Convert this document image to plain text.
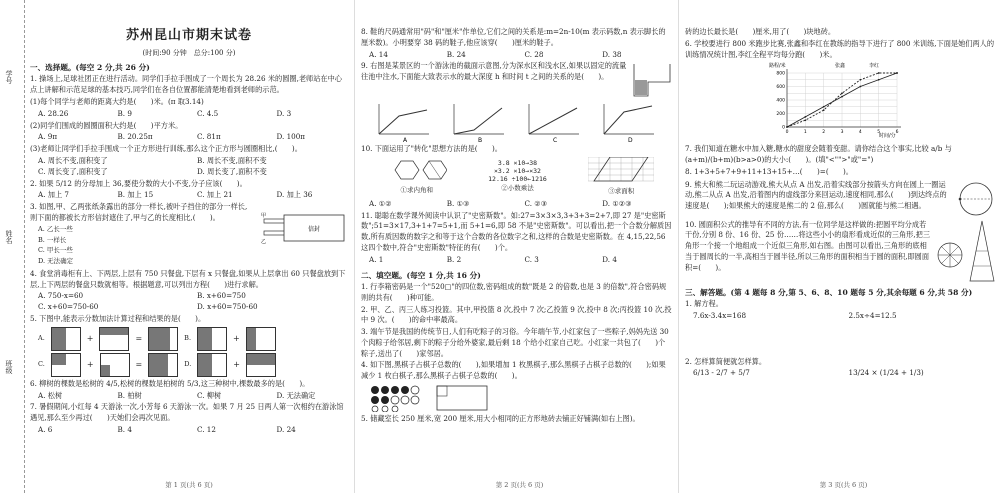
学号
姓名
班级
苏州昆山市期末试卷
(时间:90 分钟　总分:100 分)
一、选择题。(每空 2 分,共 26 分)
1. 操场上,足球社团正在进行活动。同学们手拉手围成了一个周长为 28.26 米的圆圈,老师站在中心点上讲解和示范足球的基本技巧,同学们在各自位置都能清楚地看到老师的示范。
(1)每个同学与老师的距离大约是(　　)米。(π 取3.14)
A. 28.26	B. 9	C. 4.5	D. 3
(2)同学们围成的圆圈面积大约是(　　)平方米。
A. 9π	B. 20.25π	C. 81π	D. 100π
(3)老师让同学们手拉手围成一个正方形进行训练,那么这个正方形与圆圈相比,(　　)。
A. 周长不变,面积变了	B. 周长不变,面积不变
C. 周长变了,面积变了	D. 周长变了,面积不变
2. 如果 5/12 的分母加上 36,要使分数的大小不变,分子应该(　　)。
A. 加上 7	B. 加上 15	C. 加上 21	D. 加上 36
3. 如图,甲、乙两张纸条露出的部分一样长,被叶子挡住的部分一样长,则下面的都被长方形信封遮住了,甲与乙的长度相比,(　　)。
A. 乙长一些
B. 一样长
C. 甲长一些
D. 无法确定
甲
乙
信封
4. 食堂消毒柜有上、下两层,上层有 750 只餐盘,下层有 x 只餐盘,如果从上层拿出 60 只餐盘放到下层,上下两层的餐盘只数就相等。根据题意,可以列出方程(　　)进行求解。
A. 750-x=60	B. x+60=750
C. x+60=750-60	D. x+60=750-60
5. 下图中,能表示分数加法计算过程和结果的是(　　)。
A.	+	=	B.	+
C.	+	=	D.	+
6. 柳树的棵数是松树的 4/5,松树的棵数是柏树的 5/3,这三种树中,棵数最多的是(　　)。
A. 松树	B. 柏树	C. 柳树	D. 无法确定
7. 暑假期间,小红每 4 天游泳一次,小芳每 6 天游泳一次。如果 7 月 25 日两人第一次相约在游泳馆遇见,那么至少再过(　　)天她们会再次见面。
A. 6	B. 4	C. 12	D. 24
第 1 页(共 6 页)
8. 鞋的尺码通常用"码"和"厘米"作单位,它们之间的关系是:m=2n-10(m 表示码数,n 表示脚长的厘米数)。小明要穿 38 码的鞋子,他应该穿(　　)厘米的鞋子。
A. 14	B. 24	C. 28	D. 38
9. 右图是某景区的一个游泳池的截面示意图,分为深水区和浅水区,如果以固定的流量往池中注水,下面能大致表示水的最大深度 h 和时间 t 之间的关系的是(　　)。
A	B	C	D
10. 下面运用了"转化"思想方法的是(　　)。
①求内角和
3.8 ×10→38
×3.2 ×10→×32
12.16 ÷100←1216
②小数乘法	③求面积
A. ①②	B. ①③	C. ②③	D. ①②③
11. 聪聪在数学课外阅读中认识了"史密斯数"。如:27=3×3×3,3+3+3=2+7,即 27 是"史密斯数";51=3×17,3+1+7=5+1,而 5+1=6,即 58 不是"史密斯数"。可以看出,把一个合数分解质因数,所有质因数的数字之和等于这个合数的各位数字之和,这样的合数是史密斯数。在 4,15,22,56 这四个数中,符合"史密斯数"特征的有(　　)个。
A. 1	B. 2	C. 3	D. 4
二、填空题。(每空 1 分,共 16 分)
1. 行李箱密码是一个"520□"的四位数,密码组成的数"既是 2 的倍数,也是 3 的倍数",符合密码规则的共有(　　)种可能。
2. 甲、乙、丙三人练习投篮。其中,甲投篮 8 次,投中 7 次;乙投篮 9 次,投中 8 次;丙投篮 10 次,投中 9 次。(　　)的命中率最高。
3. 端午节是我国的传统节日,人们有吃粽子的习俗。今年端午节,小红家包了一些粽子,妈妈先送 30 个肉粽子给邻居,剩下的粽子分给外婆家,最后剩 18 个给小红家自己吃。小红家一共包了(　　)个粽子,送出了(　　)家邻居。
4. 如下图,黑棋子占棋子总数的(　　),如果增加 1 枚黑棋子,那么黑棋子占棋子总数的(　　);如果减少 1 枚白棋子,那么黑棋子占棋子总数的(　　)。
5. 储藏室长 250 厘米,宽 200 厘米,用大小相同的正方形地砖去铺正好铺满(如右上图)。
第 2 页(共 6 页)
砖的边长最长是(　　)厘米,用了(　　)块地砖。
6. 学校要进行 800 米跑步比赛,张鑫和李红在教练的指导下进行了 800 米训练,下面是她们两人的训练情况统计图,李红全程平均每分跑(　　)米。
路程/米	张鑫	李红
时间/分
0
200
400
600
800
0	1	2	3	4	5	6
7. 我们知道在糖水中加入糖,糖水的甜度会随着变甜。请你结合这个事实,比较 a/b 与 (a+m)/(b+m)(b>a>0)的大小:(　　)。(填"<"">"或"=")
8. 1+3+5+7+9+11+13+15+…(　　)=(　　)。
9. 熊大和熊二玩运动游戏,熊大从点 A 出发,沿着实线部分按箭头方向在圆上一圈运动,熊二从点 A 出发,沿着图内的虚线部分来回运动,速度相同,那么(　　)到达终点的速度是(　　);如果熊大的速度是熊二的 2 倍,那么(　　)圆就能与熊二相遇。
10. 圆面积公式的推导有不同的方法,有一位同学是这样做的:把圆平均分成若干份,分别 8 份、16 份、25 份……将这些小小的扇形看成近似的三角形,把三角形一个接一个地组成一个近似三角形,如右图。由图可以看出,三角形的底相当于圆周长的一半,高相当于圆半径,所以三角形的面积相当于圆的面积,即圆面积=(　　)。
三、解答题。(第 4 题每 8 分,第 5、6、8、10 题每 5 分,其余每题 6 分,共 58 分)
1. 解方程。
7.6x-3.4x=168	2.5x÷4=12.5
2. 怎样算简便就怎样算。
6/13 - 2/7 + 5/7	13/24 × (1/24 + 1/3)
第 3 页(共 6 页)
